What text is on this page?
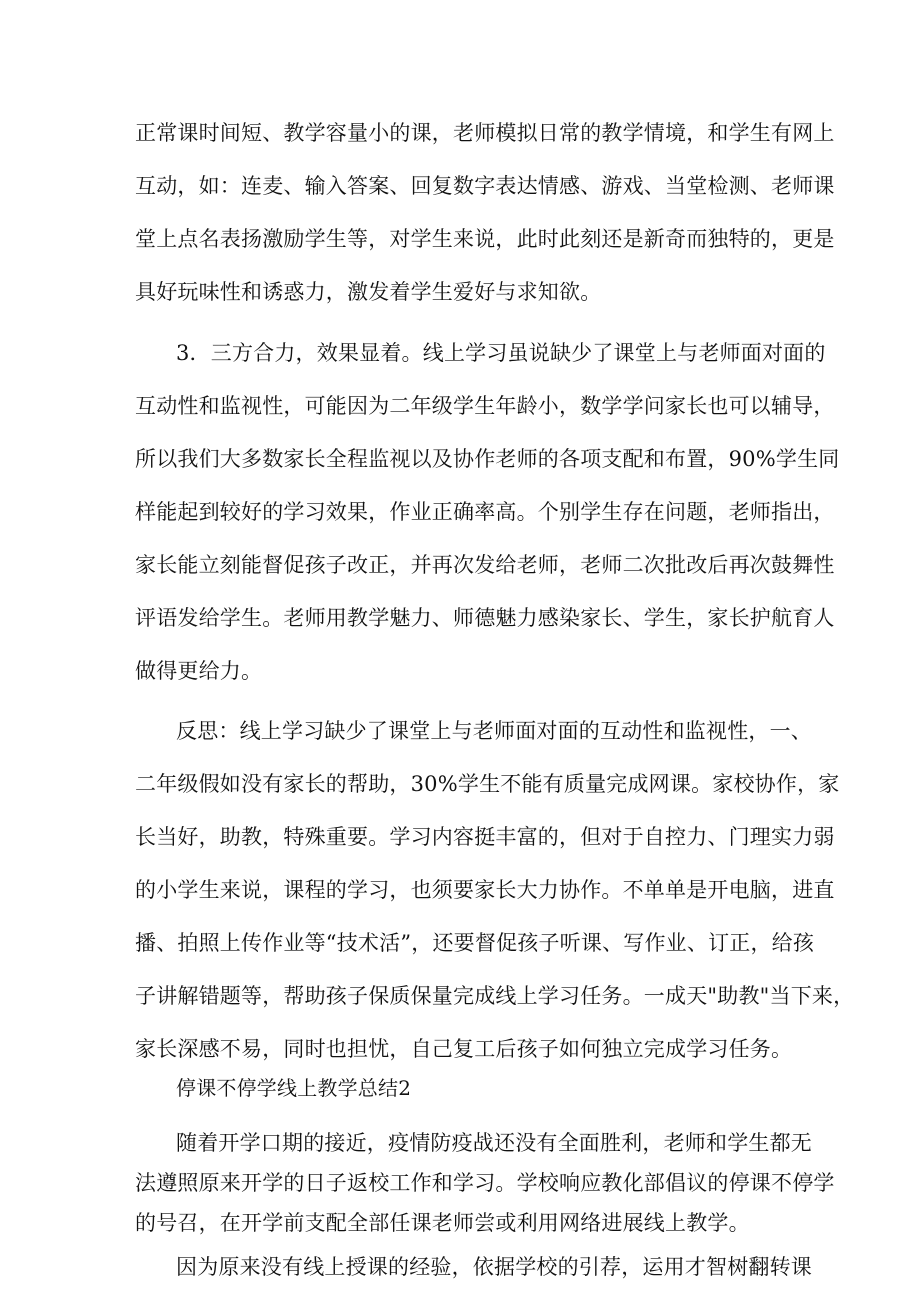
正常课时间短、教学容量小的课，老师模拟日常的教学情境，和学生有网上
互动，如：连麦、输入答案、回复数字表达情感、游戏、当堂检测、老师课
堂上点名表扬激励学生等，对学生来说，此时此刻还是新奇而独特的，更是
具好玩味性和诱惑力，激发着学生爱好与求知欲。
3．三方合力，效果显着。线上学习虽说缺少了课堂上与老师面对面的
互动性和监视性，可能因为二年级学生年龄小，数学学问家长也可以辅导，
所以我们大多数家长全程监视以及协作老师的各项支配和布置，90%学生同
样能起到较好的学习效果，作业正确率高。个别学生存在问题，老师指出，
家长能立刻能督促孩子改正，并再次发给老师，老师二次批改后再次鼓舞性
评语发给学生。老师用教学魅力、师德魅力感染家长、学生，家长护航育人
做得更给力。
反思：线上学习缺少了课堂上与老师面对面的互动性和监视性，一、
二年级假如没有家长的帮助，30%学生不能有质量完成网课。家校协作，家
长当好，助教，特殊重要。学习内容挺丰富的，但对于自控力、门理实力弱
的小学生来说，课程的学习，也须要家长大力协作。不单单是开电脑，进直
播、拍照上传作业等“技术活”，还要督促孩子听课、写作业、订正，给孩
子讲解错题等，帮助孩子保质保量完成线上学习任务。一成天"助教"当下来，
家长深感不易，同时也担忧，自己复工后孩子如何独立完成学习任务。
停课不停学线上教学总结2
随着开学口期的接近，疫情防疫战还没有全面胜利，老师和学生都无
法遵照原来开学的日子返校工作和学习。学校响应教化部倡议的停课不停学
的号召，在开学前支配全部任课老师尝或利用网络进展线上教学。
因为原来没有线上授课的经验，依据学校的引荐，运用才智树翻转课
